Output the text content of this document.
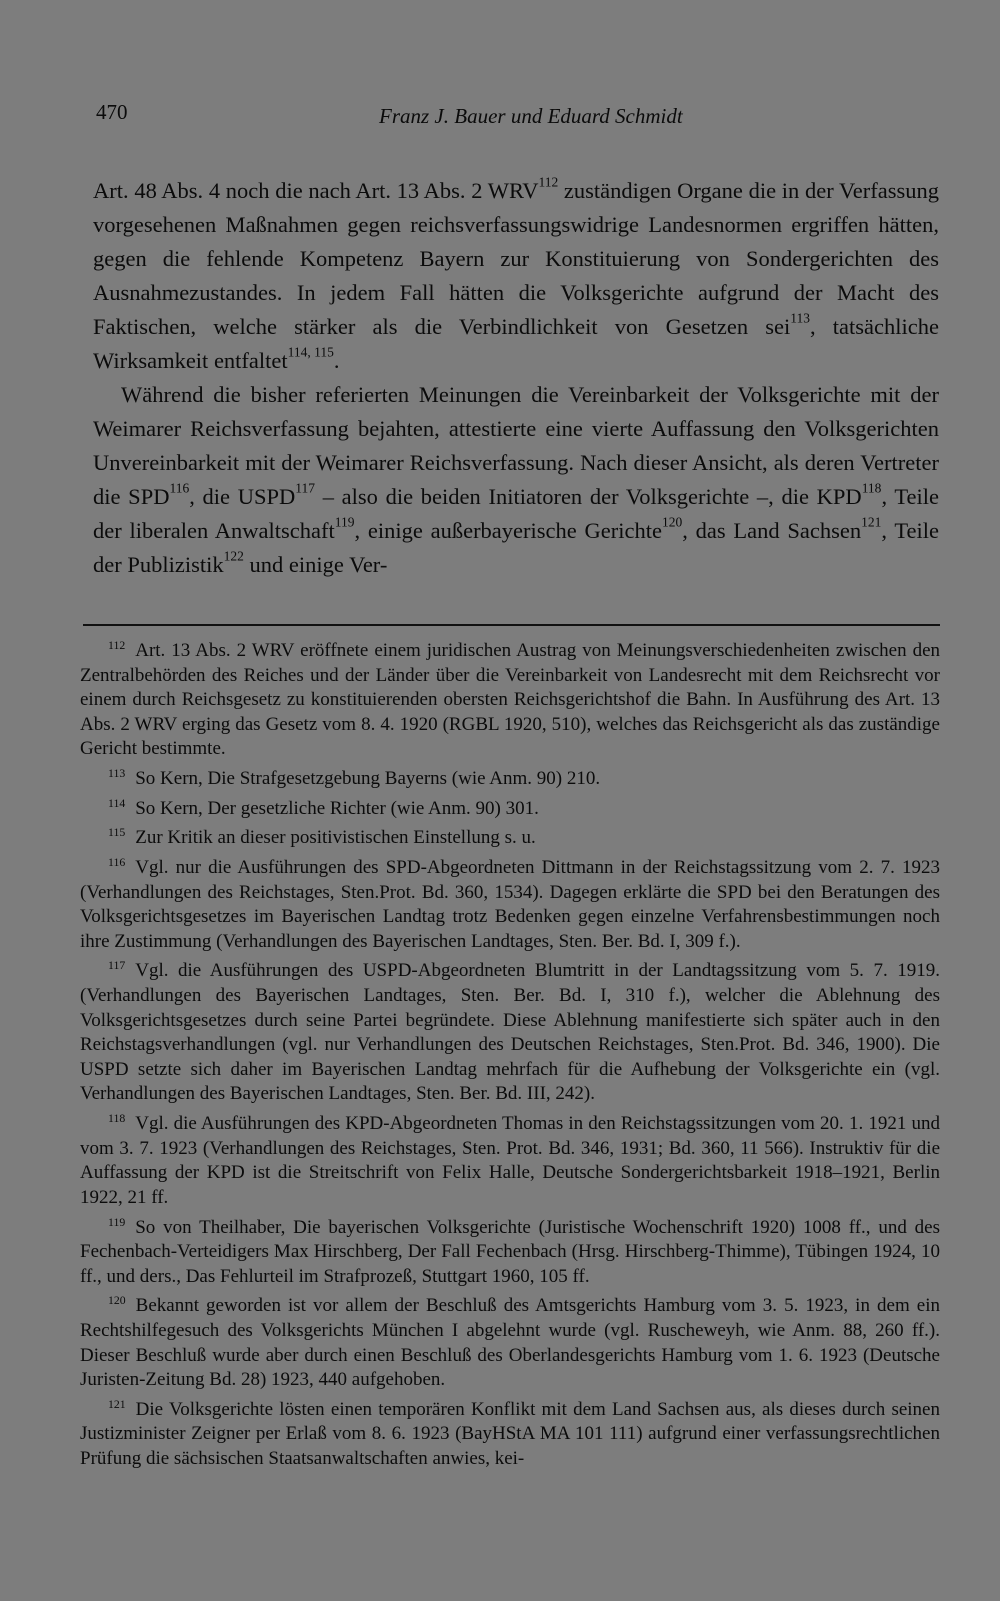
470	Franz J. Bauer und Eduard Schmidt

Art. 48 Abs. 4 noch die nach Art. 13 Abs. 2 WRV$^{112}$ zuständigen Organe die in der Verfassung vorgesehenen Maßnahmen gegen reichsverfassungswidrige Landesnormen ergriffen hätten, gegen die fehlende Kompetenz Bayern zur Konstituierung von Sondergerichten des Ausnahmezustandes. In jedem Fall hätten die Volksgerichte aufgrund der Macht des Faktischen, welche stärker als die Verbindlichkeit von Gesetzen sei$^{113}$, tatsächliche Wirksamkeit entfaltet$^{114, 115}$.

Während die bisher referierten Meinungen die Vereinbarkeit der Volksgerichte mit der Weimarer Reichsverfassung bejahten, attestierte eine vierte Auffassung den Volksgerichten Unvereinbarkeit mit der Weimarer Reichsverfassung. Nach dieser Ansicht, als deren Vertreter die SPD$^{116}$, die USPD$^{117}$ – also die beiden Initiatoren der Volksgerichte –, die KPD$^{118}$, Teile der liberalen Anwaltschaft$^{119}$, einige außerbayerische Gerichte$^{120}$, das Land Sachsen$^{121}$, Teile der Publizistik$^{122}$ und einige Ver-

$^{112}$ Art. 13 Abs. 2 WRV eröffnete einem juridischen Austrag von Meinungsverschiedenheiten zwischen den Zentralbehörden des Reiches und der Länder über die Vereinbarkeit von Landesrecht mit dem Reichsrecht vor einem durch Reichsgesetz zu konstituierenden obersten Reichsgerichtshof die Bahn. In Ausführung des Art. 13 Abs. 2 WRV erging das Gesetz vom 8. 4. 1920 (RGBL 1920, 510), welches das Reichsgericht als das zuständige Gericht bestimmte.
$^{113}$ So Kern, Die Strafgesetzgebung Bayerns (wie Anm. 90) 210.
$^{114}$ So Kern, Der gesetzliche Richter (wie Anm. 90) 301.
$^{115}$ Zur Kritik an dieser positivistischen Einstellung s. u.
$^{116}$ Vgl. nur die Ausführungen des SPD-Abgeordneten Dittmann in der Reichstagssitzung vom 2. 7. 1923 (Verhandlungen des Reichstages, Sten.Prot. Bd. 360, 1534). Dagegen erklärte die SPD bei den Beratungen des Volksgerichtsgesetzes im Bayerischen Landtag trotz Bedenken gegen einzelne Verfahrensbestimmungen noch ihre Zustimmung (Verhandlungen des Bayerischen Landtages, Sten. Ber. Bd. I, 309 f.).
$^{117}$ Vgl. die Ausführungen des USPD-Abgeordneten Blumtritt in der Landtagssitzung vom 5. 7. 1919. (Verhandlungen des Bayerischen Landtages, Sten. Ber. Bd. I, 310 f.), welcher die Ablehnung des Volksgerichtsgesetzes durch seine Partei begründete. Diese Ablehnung manifestierte sich später auch in den Reichstagsverhandlungen (vgl. nur Verhandlungen des Deutschen Reichstages, Sten.Prot. Bd. 346, 1900). Die USPD setzte sich daher im Bayerischen Landtag mehrfach für die Aufhebung der Volksgerichte ein (vgl. Verhandlungen des Bayerischen Landtages, Sten. Ber. Bd. III, 242).
$^{118}$ Vgl. die Ausführungen des KPD-Abgeordneten Thomas in den Reichstagssitzungen vom 20. 1. 1921 und vom 3. 7. 1923 (Verhandlungen des Reichstages, Sten. Prot. Bd. 346, 1931; Bd. 360, 11 566). Instruktiv für die Auffassung der KPD ist die Streitschrift von Felix Halle, Deutsche Sondergerichtsbarkeit 1918–1921, Berlin 1922, 21 ff.
$^{119}$ So von Theilhaber, Die bayerischen Volksgerichte (Juristische Wochenschrift 1920) 1008 ff., und des Fechenbach-Verteidigers Max Hirschberg, Der Fall Fechenbach (Hrsg. Hirschberg-Thimme), Tübingen 1924, 10 ff., und ders., Das Fehlurteil im Strafprozeß, Stuttgart 1960, 105 ff.
$^{120}$ Bekannt geworden ist vor allem der Beschluß des Amtsgerichts Hamburg vom 3. 5. 1923, in dem ein Rechtshilfegesuch des Volksgerichts München I abgelehnt wurde (vgl. Ruscheweyh, wie Anm. 88, 260 ff.). Dieser Beschluß wurde aber durch einen Beschluß des Oberlandesgerichts Hamburg vom 1. 6. 1923 (Deutsche Juristen-Zeitung Bd. 28) 1923, 440 aufgehoben.
$^{121}$ Die Volksgerichte lösten einen temporären Konflikt mit dem Land Sachsen aus, als dieses durch seinen Justizminister Zeigner per Erlaß vom 8. 6. 1923 (BayHStA MA 101 111) aufgrund einer verfassungsrechtlichen Prüfung die sächsischen Staatsanwaltschaften anwies, kei-
